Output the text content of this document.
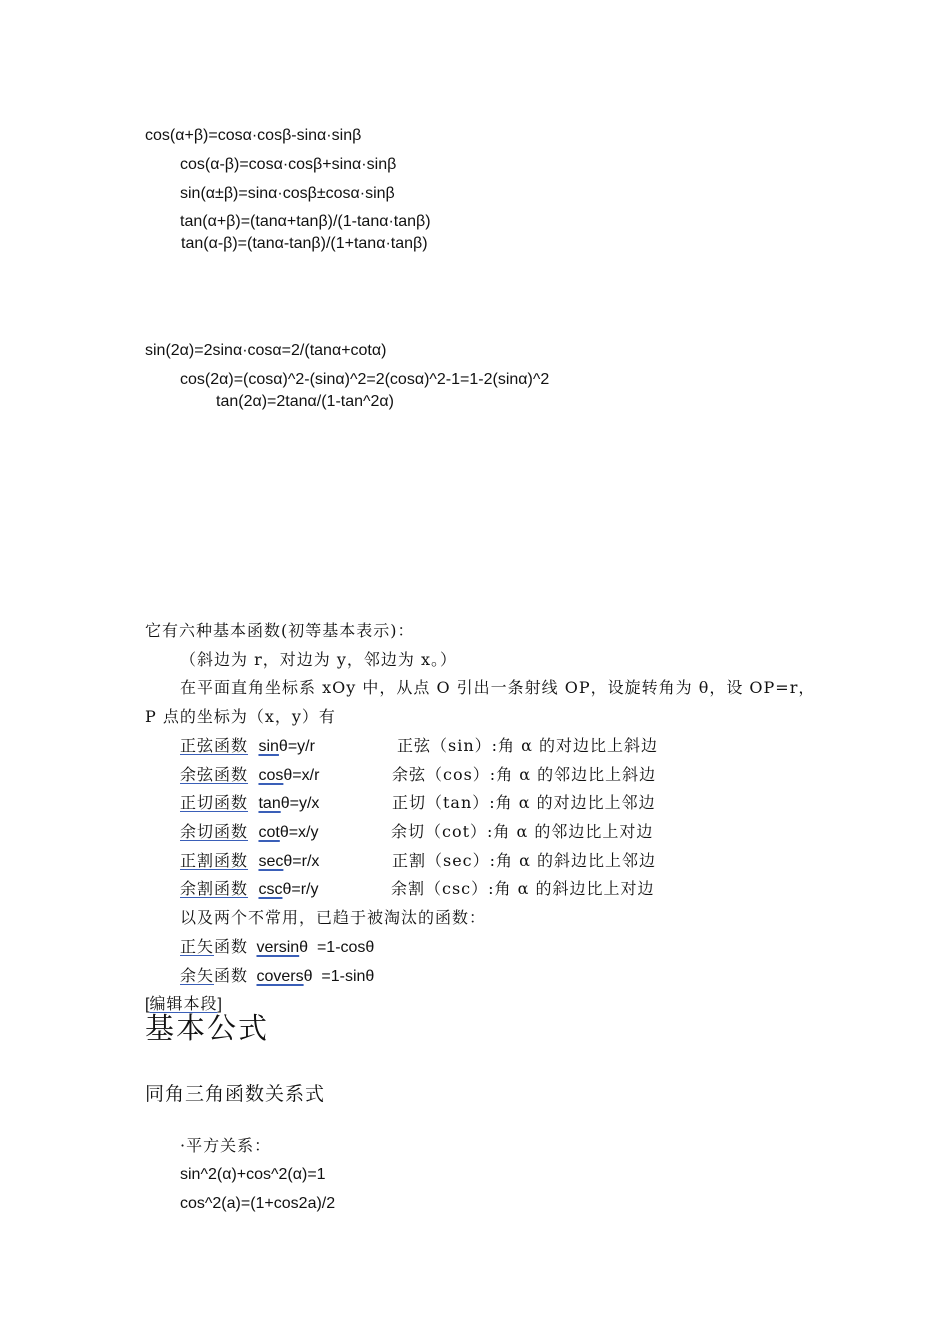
cos(α+β)=cosα·cosβ-sinα·sinβ
cos(α-β)=cosα·cosβ+sinα·sinβ
sin(α±β)=sinα·cosβ±cosα·sinβ
tan(α+β)=(tanα+tanβ)/(1-tanα·tanβ)
tan(α-β)=(tanα-tanβ)/(1+tanα·tanβ)
sin(2α)=2sinα·cosα=2/(tanα+cotα)
cos(2α)=(cosα)^2-(sinα)^2=2(cosα)^2-1=1-2(sinα)^2
tan(2α)=2tanα/(1-tan^2α)
它有六种基本函数(初等基本表示)：
（斜边为 r，对边为 y，邻边为 x。）
在平面直角坐标系 xOy 中，从点 O 引出一条射线 OP，设旋转角为 θ，设 OP=r，
P 点的坐标为（x，y）有
正弦函数 sinθ=y/r	正弦（sin）:角 α 的对边比上斜边
余弦函数 cosθ=x/r	余弦（cos）:角 α 的邻边比上斜边
正切函数 tanθ=y/x	正切（tan）:角 α 的对边比上邻边
余切函数 cotθ=x/y	余切（cot）:角 α 的邻边比上对边
正割函数 secθ=r/x	正割（sec）:角 α 的斜边比上邻边
余割函数 cscθ=r/y	余割（csc）:角 α 的斜边比上对边
以及两个不常用，已趋于被淘汰的函数：
正矢函数 versinθ  =1-cosθ
余矢函数 coversθ  =1-sinθ
[编辑本段]
基本公式
同角三角函数关系式
·平方关系：
sin^2(α)+cos^2(α)=1
cos^2(a)=(1+cos2a)/2
